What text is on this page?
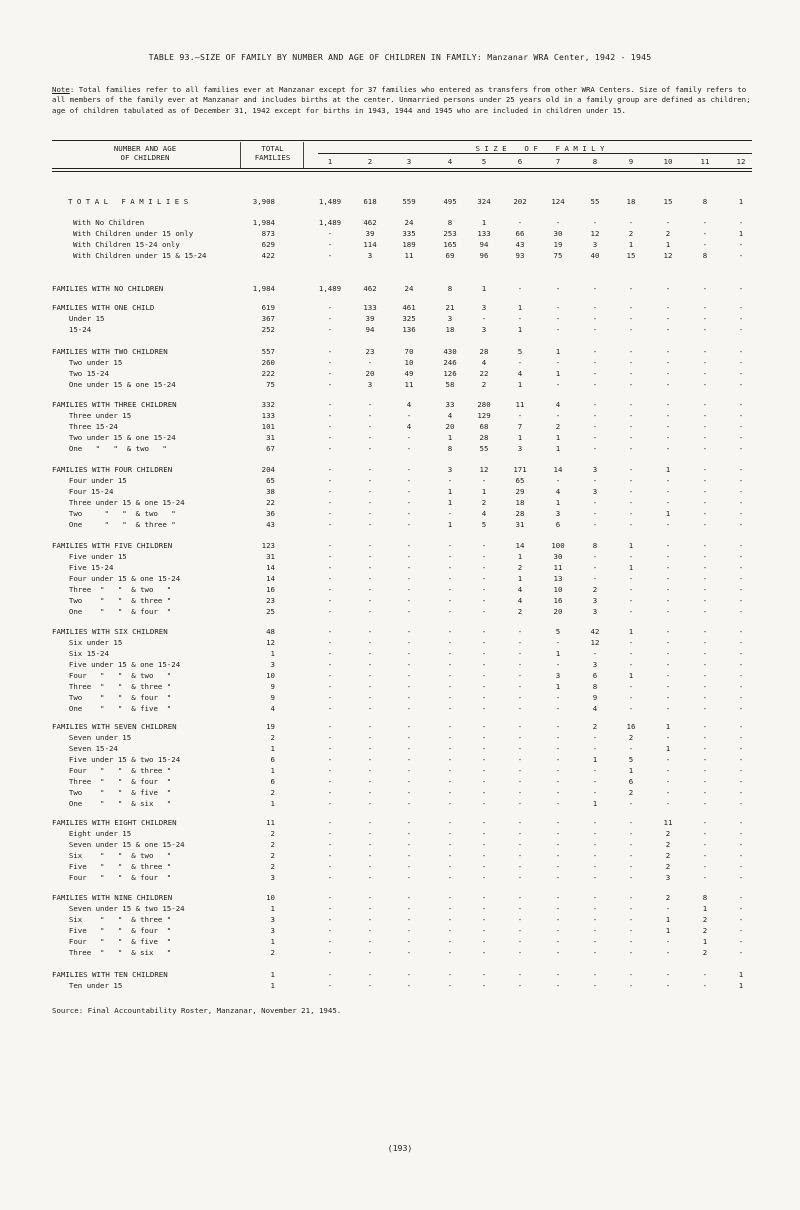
TABLE 93.—SIZE OF FAMILY BY NUMBER AND AGE OF CHILDREN IN FAMILY: Manzanar WRA Center, 1942 - 1945
Note: Total families refer to all families ever at Manzanar except for 37 families who entered as transfers from other WRA Centers. Size of family refers to all members of the family ever at Manzanar and includes births at the center. Unmarried persons under 25 years old in a family group are defined as children; age of children tabulated as of December 31, 1942 except for births in 1943, 1944 and 1945 who are included in children under 15.
NUMBER AND AGE
OF CHILDREN
TOTAL
FAMILIES
S I Z E    O F    F A M I L Y
1	2	3	4	5	6	7	8	9	10	11	12
T O T A L   F A M I L I E S	3,908	1,489	618	559	495	324	202	124	55	18	15	8	1
With No Children	1,984	1,489	462	24	8	1	-	-	-	-	-	-	-
With Children under 15 only	873	-	39	335	253	133	66	30	12	2	2	-	1
With Children 15-24 only	629	-	114	189	165	94	43	19	3	1	1	-	-
With Children under 15 & 15-24	422	-	3	11	69	96	93	75	40	15	12	8	-
FAMILIES WITH NO CHILDREN	1,984	1,489	462	24	8	1	-	-	-	-	-	-	-
FAMILIES WITH ONE CHILD	619	-	133	461	21	3	1	-	-	-	-	-	-
Under 15	367	-	39	325	3	-	-	-	-	-	-	-	-
15-24	252	-	94	136	18	3	1	-	-	-	-	-	-
FAMILIES WITH TWO CHILDREN	557	-	23	70	430	28	5	1	-	-	-	-	-
Two under 15	260	-	-	10	246	4	-	-	-	-	-	-	-
Two 15-24	222	-	20	49	126	22	4	1	-	-	-	-	-
One under 15 & one 15-24	75	-	3	11	58	2	1	-	-	-	-	-	-
FAMILIES WITH THREE CHILDREN	332	-	-	4	33	280	11	4	-	-	-	-	-
Three under 15	133	-	-	-	4	129	-	-	-	-	-	-	-
Three 15-24	101	-	-	4	20	68	7	2	-	-	-	-	-
Two under 15 & one 15-24	31	-	-	-	1	28	1	1	-	-	-	-	-
One   "   "  & two   "	67	-	-	-	8	55	3	1	-	-	-	-	-
FAMILIES WITH FOUR CHILDREN	204	-	-	-	3	12	171	14	3	-	1	-	-
Four under 15	65	-	-	-	-	-	65	-	-	-	-	-	-
Four 15-24	38	-	-	-	1	1	29	4	3	-	-	-	-
Three under 15 & one 15-24	22	-	-	-	1	2	18	1	-	-	-	-	-
Two     "   "  & two   "	36	-	-	-	-	4	28	3	-	-	1	-	-
One     "   "  & three "	43	-	-	-	1	5	31	6	-	-	-	-	-
FAMILIES WITH FIVE CHILDREN	123	-	-	-	-	-	14	100	8	1	-	-	-
Five under 15	31	-	-	-	-	-	1	30	-	-	-	-	-
Five 15-24	14	-	-	-	-	-	2	11	-	1	-	-	-
Four under 15 & one 15-24	14	-	-	-	-	-	1	13	-	-	-	-	-
Three  "   "  & two   "	16	-	-	-	-	-	4	10	2	-	-	-	-
Two    "   "  & three "	23	-	-	-	-	-	4	16	3	-	-	-	-
One    "   "  & four  "	25	-	-	-	-	-	2	20	3	-	-	-	-
FAMILIES WITH SIX CHILDREN	48	-	-	-	-	-	-	5	42	1	-	-	-
Six under 15	12	-	-	-	-	-	-	-	12	-	-	-	-
Six 15-24	1	-	-	-	-	-	-	1	-	-	-	-	-
Five under 15 & one 15-24	3	-	-	-	-	-	-	-	3	-	-	-	-
Four   "   "  & two   "	10	-	-	-	-	-	-	3	6	1	-	-	-
Three  "   "  & three "	9	-	-	-	-	-	-	1	8	-	-	-	-
Two    "   "  & four  "	9	-	-	-	-	-	-	-	9	-	-	-	-
One    "   "  & five  "	4	-	-	-	-	-	-	-	4	-	-	-	-
FAMILIES WITH SEVEN CHILDREN	19	-	-	-	-	-	-	-	2	16	1	-	-
Seven under 15	2	-	-	-	-	-	-	-	-	2	-	-	-
Seven 15-24	1	-	-	-	-	-	-	-	-	-	1	-	-
Five under 15 & two 15-24	6	-	-	-	-	-	-	-	1	5	-	-	-
Four   "   "  & three "	1	-	-	-	-	-	-	-	-	1	-	-	-
Three  "   "  & four  "	6	-	-	-	-	-	-	-	-	6	-	-	-
Two    "   "  & five  "	2	-	-	-	-	-	-	-	-	2	-	-	-
One    "   "  & six   "	1	-	-	-	-	-	-	-	1	-	-	-	-
FAMILIES WITH EIGHT CHILDREN	11	-	-	-	-	-	-	-	-	-	11	-	-
Eight under 15	2	-	-	-	-	-	-	-	-	-	2	-	-
Seven under 15 & one 15-24	2	-	-	-	-	-	-	-	-	-	2	-	-
Six    "   "  & two   "	2	-	-	-	-	-	-	-	-	-	2	-	-
Five   "   "  & three "	2	-	-	-	-	-	-	-	-	-	2	-	-
Four   "   "  & four  "	3	-	-	-	-	-	-	-	-	-	3	-	-
FAMILIES WITH NINE CHILDREN	10	-	-	-	-	-	-	-	-	-	2	8	-
Seven under 15 & two 15-24	1	-	-	-	-	-	-	-	-	-	-	1	-
Six    "   "  & three "	3	-	-	-	-	-	-	-	-	-	1	2	-
Five   "   "  & four  "	3	-	-	-	-	-	-	-	-	-	1	2	-
Four   "   "  & five  "	1	-	-	-	-	-	-	-	-	-	-	1	-
Three  "   "  & six   "	2	-	-	-	-	-	-	-	-	-	-	2	-
FAMILIES WITH TEN CHILDREN	1	-	-	-	-	-	-	-	-	-	-	-	1
Ten under 15	1	-	-	-	-	-	-	-	-	-	-	-	1
Source: Final Accountability Roster, Manzanar, November 21, 1945.
(193)
